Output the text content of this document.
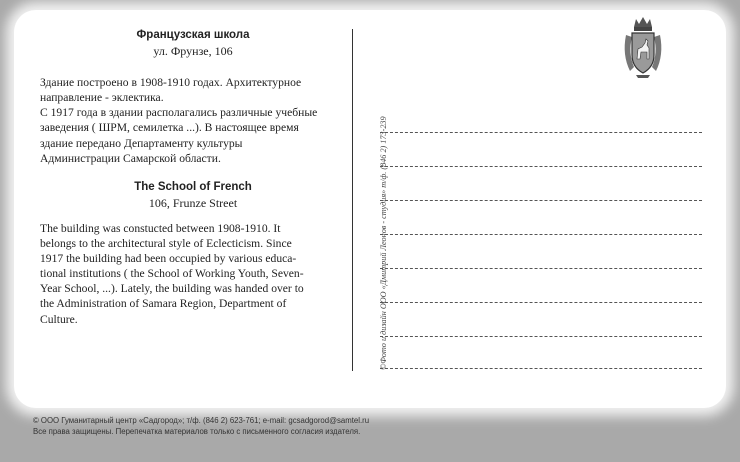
Французская школа
ул. Фрунзе, 106
Здание построено в 1908-1910 годах. Архитектурное
направление - эклектика.
С 1917 года в здании располагались различные учебные
заведения ( ШРМ, семилетка ...). В настоящее время
здание передано Департаменту культуры
Администрации Самарской области.
The School of French
106, Frunze Street
The building was constucted between 1908-1910. It
belongs to the architectural style of Eclecticism. Since
1917 the building had been occupied by various educa-
tional institutions ( the School of Working Youth, Seven-
Year School, ...). Lately, the building was handed over to
the Administration of Samara Region, Department of
Culture.	©Фото и дизайн ООО «Дмитрий Леонов - студия» т/ф. (846 2) 173-239
© ООО Гуманитарный центр «Садгород»; т/ф. (846 2) 623-761; e-mail: gcsadgorod@samtel.ru
Все права защищены. Перепечатка материалов только с письменного согласия издателя.
